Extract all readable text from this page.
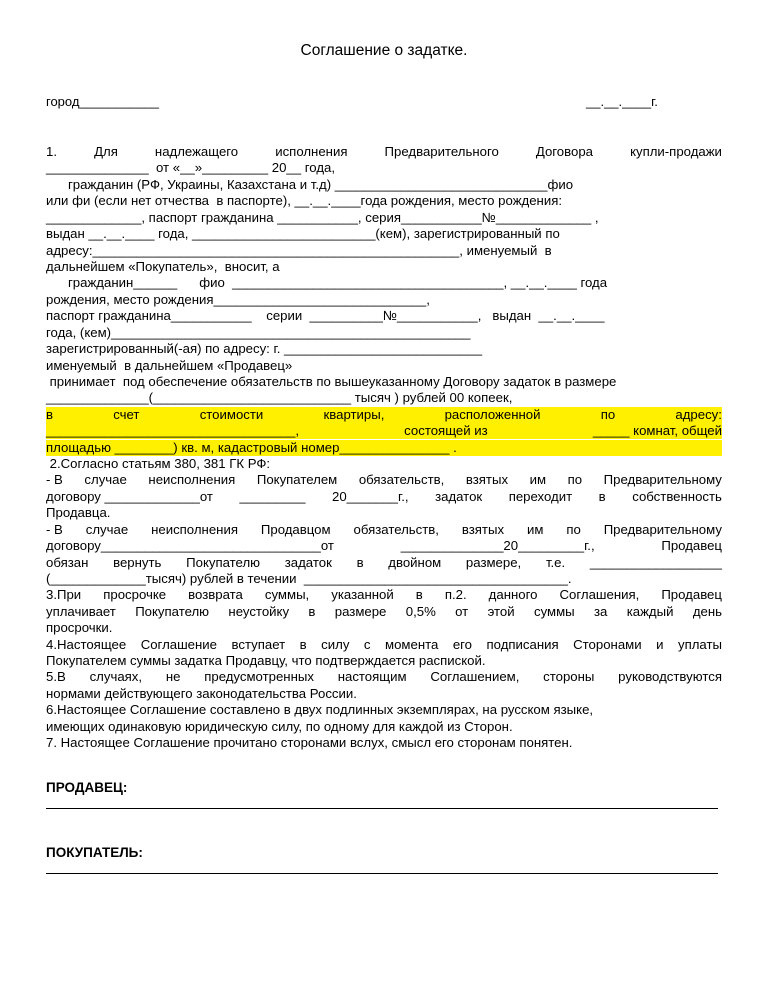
Соглашение о задатке.
город___________	__.__.____г.
1.	Для	надлежащего	исполнения	Предварительного	Договора	купли-продажи
______________  от «__»_________ 20__ года,
гражданин (РФ, Украины, Казахстана и т.д) _____________________________фио
или фи (если нет отчества  в паспорте), __.__.____года рождения, место рождения:
_____________, паспорт гражданина ___________, серия___________№_____________ ,
выдан __.__.____ года, _________________________(кем), зарегистрированный по
адресу:__________________________________________________, именуемый  в
дальнейшем «Покупатель»,  вносит, а
гражданин______      фио  _____________________________________, __.__.____ года
рождения, место рождения_____________________________,
паспорт гражданина___________    серии  __________№___________,   выдан  __.__.____
года, (кем)_________________________________________________
зарегистрированный(-ая) по адресу: г. ___________________________
именуемый  в дальнейшем «Продавец»
принимает  под обеспечение обязательств по вышеуказанному Договору задаток в размере
______________(___________________________ тысяч ) рублей 00 копеек,
в	счет	стоимости	квартиры,	расположенной	по	адресу:
__________________________________,	состоящей из	_____ комнат, общей
площадью ________) кв. м, кадастровый номер_______________ .
2.Согласно статьям 380, 381 ГК РФ:
- В случае неисполнения Покупателем обязательств, взятых им по Предварительному
договору _____________от _________ 20_______г., задаток переходит в собственность
Продавца.
- В случае неисполнения Продавцом обязательств, взятых им по Предварительному
договору______________________________от	______________20_________г.,	Продавец
обязан вернуть Покупателю задаток в двойном размере, т.е. __________________
(_____________тысяч) рублей в течении  ____________________________________.
3.При просрочке возврата суммы, указанной в п.2. данного Соглашения, Продавец
уплачивает Покупателю неустойку в размере 0,5% от этой суммы за каждый день
просрочки.
4.Настоящее Соглашение вступает в силу с момента его подписания Сторонами и уплаты
Покупателем суммы задатка Продавцу, что подтверждается распиской.
5.В случаях, не предусмотренных настоящим Соглашением, стороны руководствуются
нормами действующего законодательства России.
6.Настоящее Соглашение составлено в двух подлинных экземплярах, на русском языке,
имеющих одинаковую юридическую силу, по одному для каждой из Сторон.
7. Настоящее Соглашение прочитано сторонами вслух, смысл его сторонам понятен.
ПРОДАВЕЦ:
ПОКУПАТЕЛЬ:
